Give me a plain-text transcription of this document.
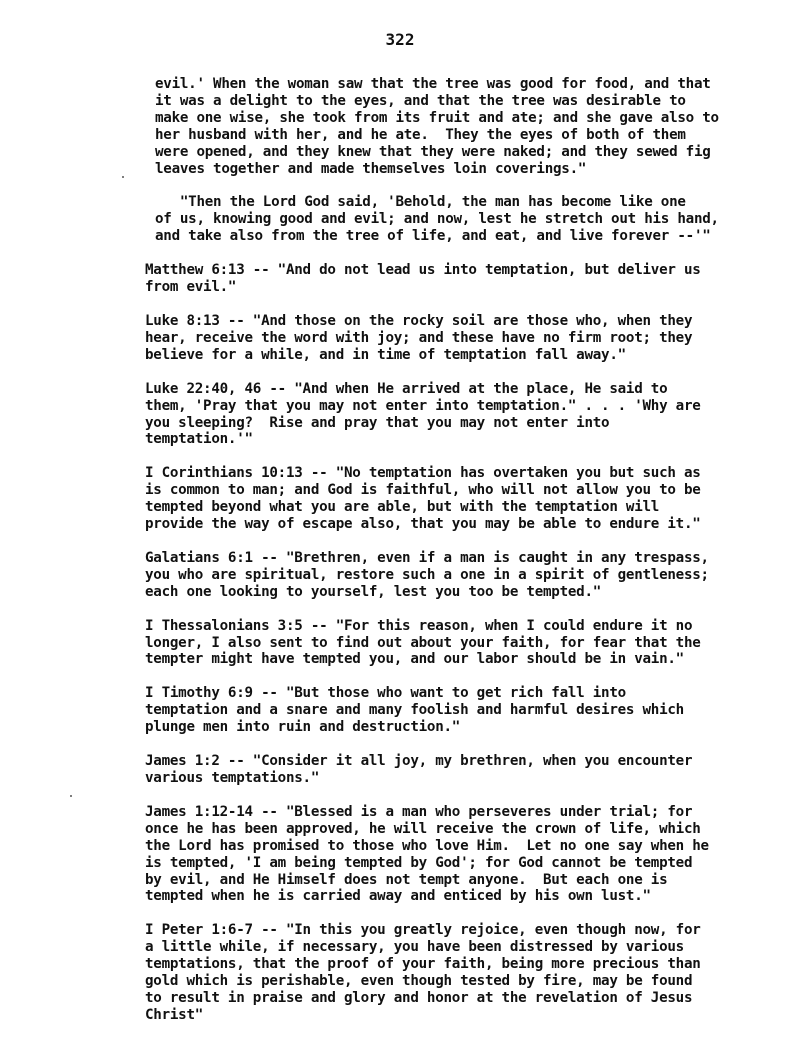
322

evil.' When the woman saw that the tree was good for food, and that
it was a delight to the eyes, and that the tree was desirable to
make one wise, she took from its fruit and ate; and she gave also to
her husband with her, and he ate.  They the eyes of both of them
were opened, and they knew that they were naked; and they sewed fig
leaves together and made themselves loin coverings."

"Then the Lord God said, 'Behold, the man has become like one
of us, knowing good and evil; and now, lest he stretch out his hand,
and take also from the tree of life, and eat, and live forever --'"

Matthew 6:13 -- "And do not lead us into temptation, but deliver us
from evil."

Luke 8:13 -- "And those on the rocky soil are those who, when they
hear, receive the word with joy; and these have no firm root; they
believe for a while, and in time of temptation fall away."

Luke 22:40, 46 -- "And when He arrived at the place, He said to
them, 'Pray that you may not enter into temptation." . . . 'Why are
you sleeping?  Rise and pray that you may not enter into
temptation.'"

I Corinthians 10:13 -- "No temptation has overtaken you but such as
is common to man; and God is faithful, who will not allow you to be
tempted beyond what you are able, but with the temptation will
provide the way of escape also, that you may be able to endure it."

Galatians 6:1 -- "Brethren, even if a man is caught in any trespass,
you who are spiritual, restore such a one in a spirit of gentleness;
each one looking to yourself, lest you too be tempted."

I Thessalonians 3:5 -- "For this reason, when I could endure it no
longer, I also sent to find out about your faith, for fear that the
tempter might have tempted you, and our labor should be in vain."

I Timothy 6:9 -- "But those who want to get rich fall into
temptation and a snare and many foolish and harmful desires which
plunge men into ruin and destruction."

James 1:2 -- "Consider it all joy, my brethren, when you encounter
various temptations."

James 1:12-14 -- "Blessed is a man who perseveres under trial; for
once he has been approved, he will receive the crown of life, which
the Lord has promised to those who love Him.  Let no one say when he
is tempted, 'I am being tempted by God'; for God cannot be tempted
by evil, and He Himself does not tempt anyone.  But each one is
tempted when he is carried away and enticed by his own lust."

I Peter 1:6-7 -- "In this you greatly rejoice, even though now, for
a little while, if necessary, you have been distressed by various
temptations, that the proof of your faith, being more precious than
gold which is perishable, even though tested by fire, may be found
to result in praise and glory and honor at the revelation of Jesus
Christ"
